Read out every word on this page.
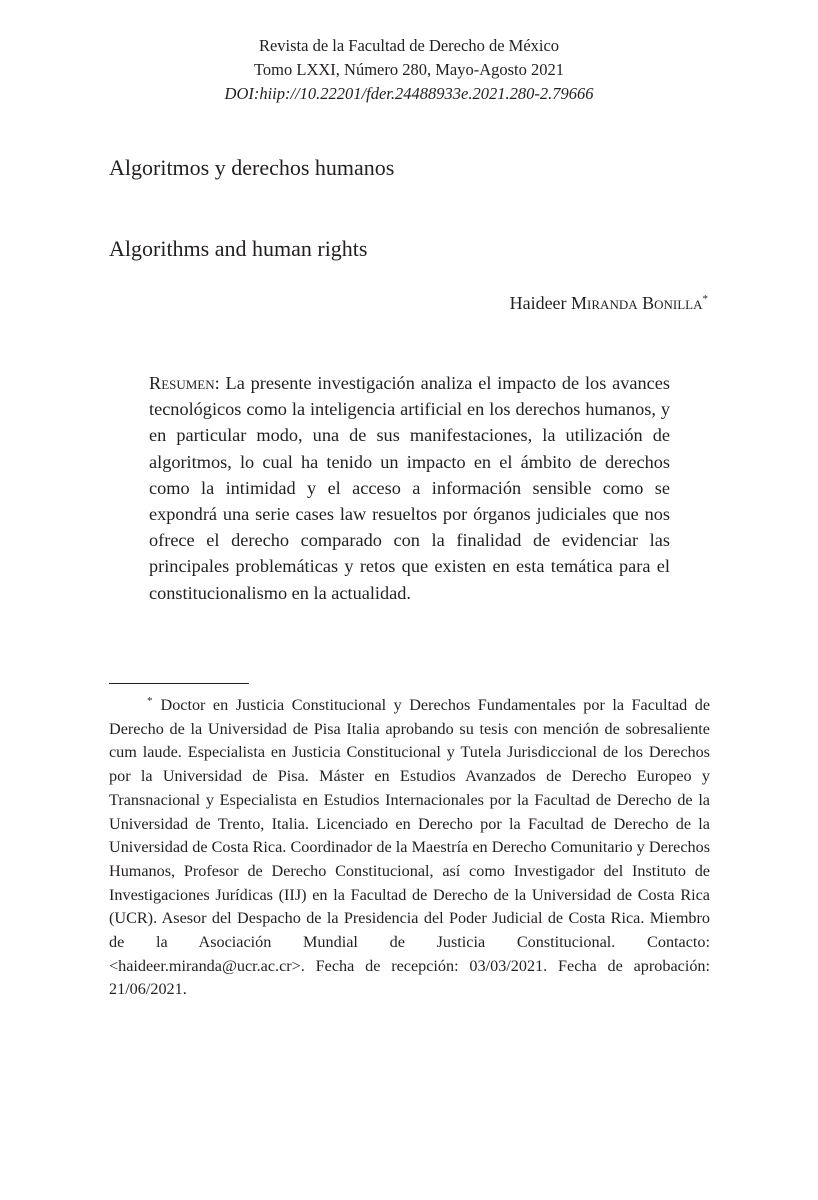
Revista de la Facultad de Derecho de México
Tomo LXXI, Número 280, Mayo-Agosto 2021
DOI:hiip://10.22201/fder.24488933e.2021.280-2.79666
Algoritmos y derechos humanos
Algorithms and human rights
Haideer Miranda Bonilla*
Resumen: La presente investigación analiza el impacto de los avances tecnológicos como la inteligencia artificial en los derechos humanos, y en particular modo, una de sus manifestaciones, la utilización de algoritmos, lo cual ha tenido un impacto en el ámbito de derechos como la intimidad y el acceso a información sensible como se expondrá una serie cases law resueltos por órganos judiciales que nos ofrece el derecho comparado con la finalidad de evidenciar las principales problemáticas y retos que existen en esta temática para el constitucionalismo en la actualidad.
* Doctor en Justicia Constitucional y Derechos Fundamentales por la Facultad de Derecho de la Universidad de Pisa Italia aprobando su tesis con mención de sobresaliente cum laude. Especialista en Justicia Constitucional y Tutela Jurisdiccional de los Derechos por la Universidad de Pisa. Máster en Estudios Avanzados de Derecho Europeo y Transnacional y Especialista en Estudios Internacionales por la Facultad de Derecho de la Universidad de Trento, Italia. Licenciado en Derecho por la Facultad de Derecho de la Universidad de Costa Rica. Coordinador de la Maestría en Derecho Comunitario y Derechos Humanos, Profesor de Derecho Constitucional, así como Investigador del Instituto de Investigaciones Jurídicas (IIJ) en la Facultad de Derecho de la Universidad de Costa Rica (UCR). Asesor del Despacho de la Presidencia del Poder Judicial de Costa Rica. Miembro de la Asociación Mundial de Justicia Constitucional. Contacto:<haideer.miranda@ucr.ac.cr>. Fecha de recepción: 03/03/2021. Fecha de aprobación: 21/06/2021.
